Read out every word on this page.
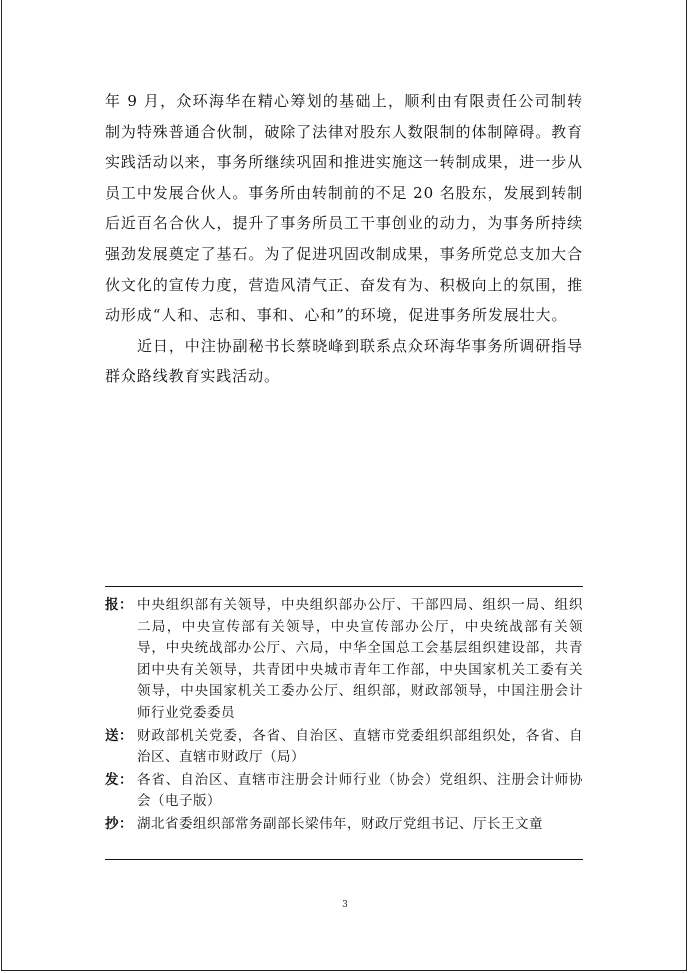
年 9 月，众环海华在精心筹划的基础上，顺利由有限责任公司制转制为特殊普通合伙制，破除了法律对股东人数限制的体制障碍。教育实践活动以来，事务所继续巩固和推进实施这一转制成果，进一步从员工中发展合伙人。事务所由转制前的不足 20 名股东，发展到转制后近百名合伙人，提升了事务所员工干事创业的动力，为事务所持续强劲发展奠定了基石。为了促进巩固改制成果，事务所党总支加大合伙文化的宣传力度，营造风清气正、奋发有为、积极向上的氛围，推动形成“人和、志和、事和、心和”的环境，促进事务所发展壮大。

近日，中注协副秘书长蔡晓峰到联系点众环海华事务所调研指导群众路线教育实践活动。

报： 中央组织部有关领导，中央组织部办公厅、干部四局、组织一局、组织二局，中央宣传部有关领导，中央宣传部办公厅，中央统战部有关领导，中央统战部办公厅、六局，中华全国总工会基层组织建设部，共青团中央有关领导，共青团中央城市青年工作部，中央国家机关工委有关领导，中央国家机关工委办公厅、组织部，财政部领导，中国注册会计师行业党委委员
送： 财政部机关党委，各省、自治区、直辖市党委组织部组织处，各省、自治区、直辖市财政厅（局）
发： 各省、自治区、直辖市注册会计师行业（协会）党组织、注册会计师协会（电子版）
抄： 湖北省委组织部常务副部长梁伟年，财政厅党组书记、厅长王文童
3
